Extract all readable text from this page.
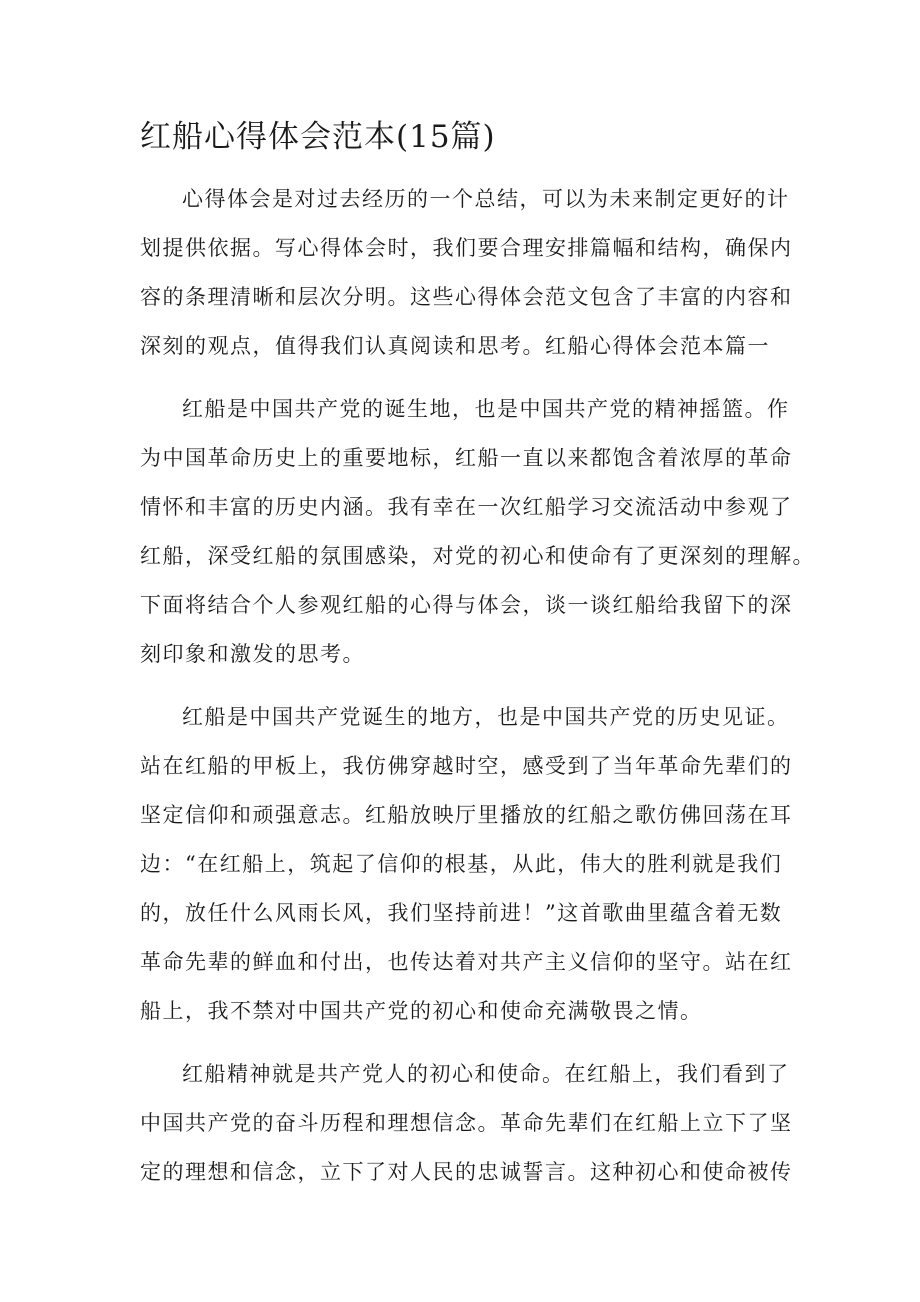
红船心得体会范本(15篇)

心得体会是对过去经历的一个总结，可以为未来制定更好的计

划提供依据。写心得体会时，我们要合理安排篇幅和结构，确保内

容的条理清晰和层次分明。这些心得体会范文包含了丰富的内容和

深刻的观点，值得我们认真阅读和思考。红船心得体会范本篇一

红船是中国共产党的诞生地，也是中国共产党的精神摇篮。作

为中国革命历史上的重要地标，红船一直以来都饱含着浓厚的革命

情怀和丰富的历史内涵。我有幸在一次红船学习交流活动中参观了

红船，深受红船的氛围感染，对党的初心和使命有了更深刻的理解。

下面将结合个人参观红船的心得与体会，谈一谈红船给我留下的深

刻印象和激发的思考。

红船是中国共产党诞生的地方，也是中国共产党的历史见证。

站在红船的甲板上，我仿佛穿越时空，感受到了当年革命先辈们的

坚定信仰和顽强意志。红船放映厅里播放的红船之歌仿佛回荡在耳

边：“在红船上，筑起了信仰的根基，从此，伟大的胜利就是我们

的，放任什么风雨长风，我们坚持前进！”这首歌曲里蕴含着无数

革命先辈的鲜血和付出，也传达着对共产主义信仰的坚守。站在红

船上，我不禁对中国共产党的初心和使命充满敬畏之情。

红船精神就是共产党人的初心和使命。在红船上，我们看到了

中国共产党的奋斗历程和理想信念。革命先辈们在红船上立下了坚

定的理想和信念，立下了对人民的忠诚誓言。这种初心和使命被传
